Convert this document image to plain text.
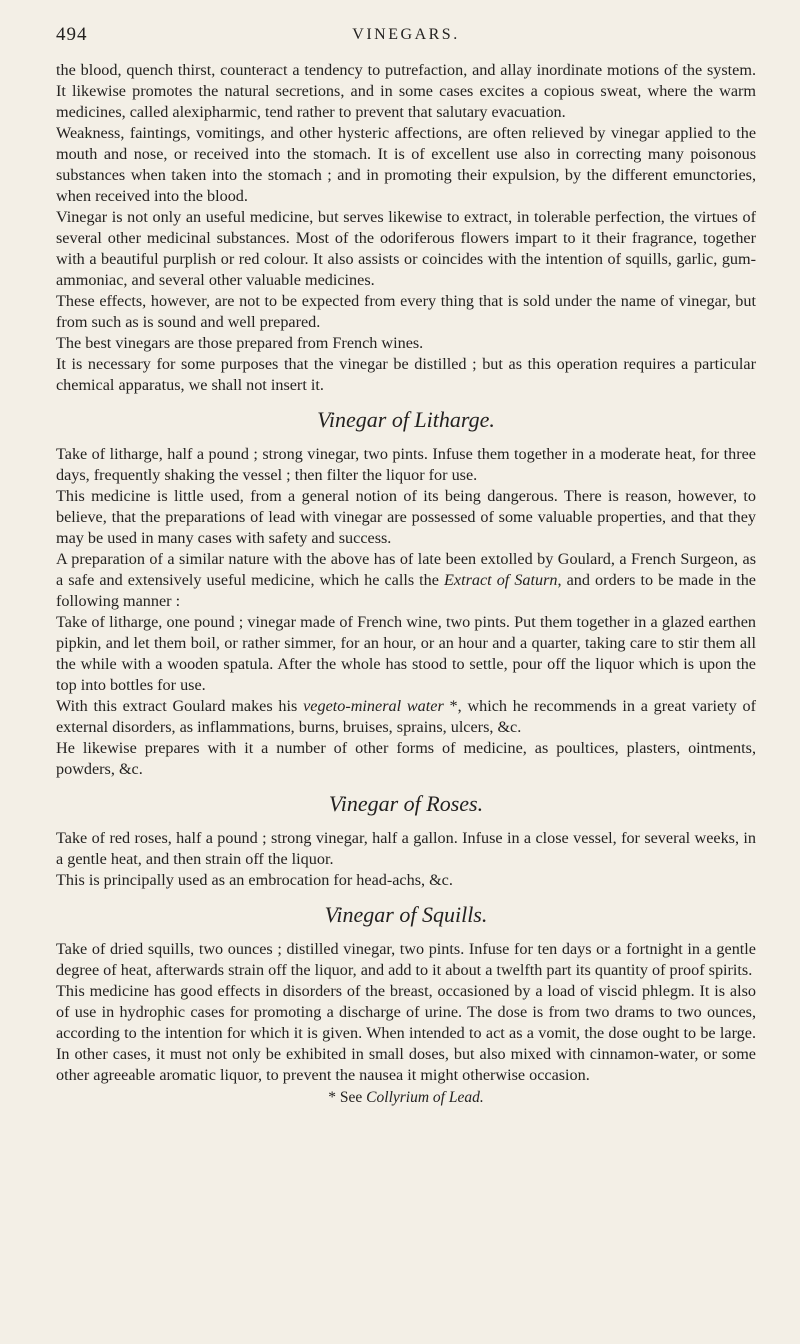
494	VINEGARS.

the blood, quench thirst, counteract a tendency to putrefaction, and allay inordinate motions of the system. It likewise promotes the natural secretions, and in some cases excites a copious sweat, where the warm medicines, called alexipharmic, tend rather to prevent that salutary evacuation.

Weakness, faintings, vomitings, and other hysteric affections, are often relieved by vinegar applied to the mouth and nose, or received into the stomach. It is of excellent use also in correcting many poisonous substances when taken into the stomach ; and in promoting their expulsion, by the different emunctories, when received into the blood.

Vinegar is not only an useful medicine, but serves likewise to extract, in tolerable perfection, the virtues of several other medicinal substances. Most of the odoriferous flowers impart to it their fragrance, together with a beautiful purplish or red colour. It also assists or coincides with the intention of squills, garlic, gum-ammoniac, and several other valuable medicines.

These effects, however, are not to be expected from every thing that is sold under the name of vinegar, but from such as is sound and well prepared.

The best vinegars are those prepared from French wines.

It is necessary for some purposes that the vinegar be distilled ; but as this operation requires a particular chemical apparatus, we shall not insert it.

Vinegar of Litharge.

Take of litharge, half a pound ; strong vinegar, two pints. Infuse them together in a moderate heat, for three days, frequently shaking the vessel ; then filter the liquor for use.

This medicine is little used, from a general notion of its being dangerous. There is reason, however, to believe, that the preparations of lead with vinegar are possessed of some valuable properties, and that they may be used in many cases with safety and success.

A preparation of a similar nature with the above has of late been extolled by Goulard, a French Surgeon, as a safe and extensively useful medicine, which he calls the Extract of Saturn, and orders to be made in the following manner :

Take of litharge, one pound ; vinegar made of French wine, two pints. Put them together in a glazed earthen pipkin, and let them boil, or rather simmer, for an hour, or an hour and a quarter, taking care to stir them all the while with a wooden spatula. After the whole has stood to settle, pour off the liquor which is upon the top into bottles for use.

With this extract Goulard makes his vegeto-mineral water *, which he recommends in a great variety of external disorders, as inflammations, burns, bruises, sprains, ulcers, &c.

He likewise prepares with it a number of other forms of medicine, as poultices, plasters, ointments, powders, &c.

Vinegar of Roses.

Take of red roses, half a pound ; strong vinegar, half a gallon. Infuse in a close vessel, for several weeks, in a gentle heat, and then strain off the liquor.

This is principally used as an embrocation for head-achs, &c.

Vinegar of Squills.

Take of dried squills, two ounces ; distilled vinegar, two pints. Infuse for ten days or a fortnight in a gentle degree of heat, afterwards strain off the liquor, and add to it about a twelfth part its quantity of proof spirits.

This medicine has good effects in disorders of the breast, occasioned by a load of viscid phlegm. It is also of use in hydrophic cases for promoting a discharge of urine. The dose is from two drams to two ounces, according to the intention for which it is given. When intended to act as a vomit, the dose ought to be large. In other cases, it must not only be exhibited in small doses, but also mixed with cinnamon-water, or some other agreeable aromatic liquor, to prevent the nausea it might otherwise occasion.

* See Collyrium of Lead.
